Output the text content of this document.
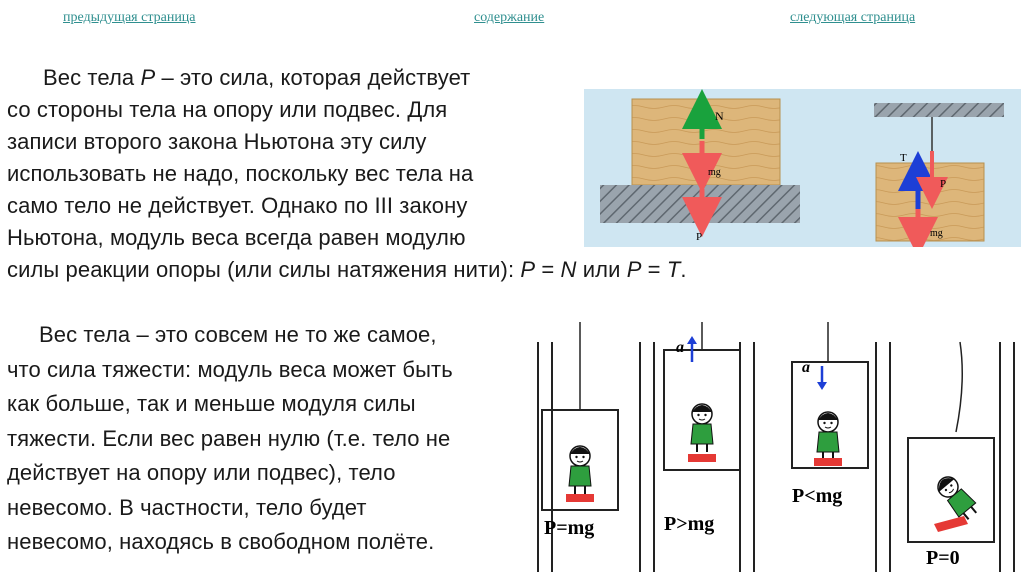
предыдущая страница	содержание	следующая страница
Вес тела P – это сила, которая действует
со стороны тела на опору или подвес. Для
записи второго закона Ньютона эту силу
использовать не надо, поскольку вес тела на
само тело не действует. Однако по III закону
Ньютона, модуль веса всегда равен модулю
силы реакции опоры (или силы натяжения нити): P = N или P = T.
Вес тела – это совсем не то же самое,
что сила тяжести: модуль веса может быть
как больше, так и меньше модуля силы
тяжести. Если вес равен нулю (т.е. тело не
действует на опору или подвес), тело
невесомо. В частности, тело будет
невесомо, находясь в свободном полёте.
N
mg
P
T
P
mg
P=mg
a
P>mg
a
P<mg
P=0
